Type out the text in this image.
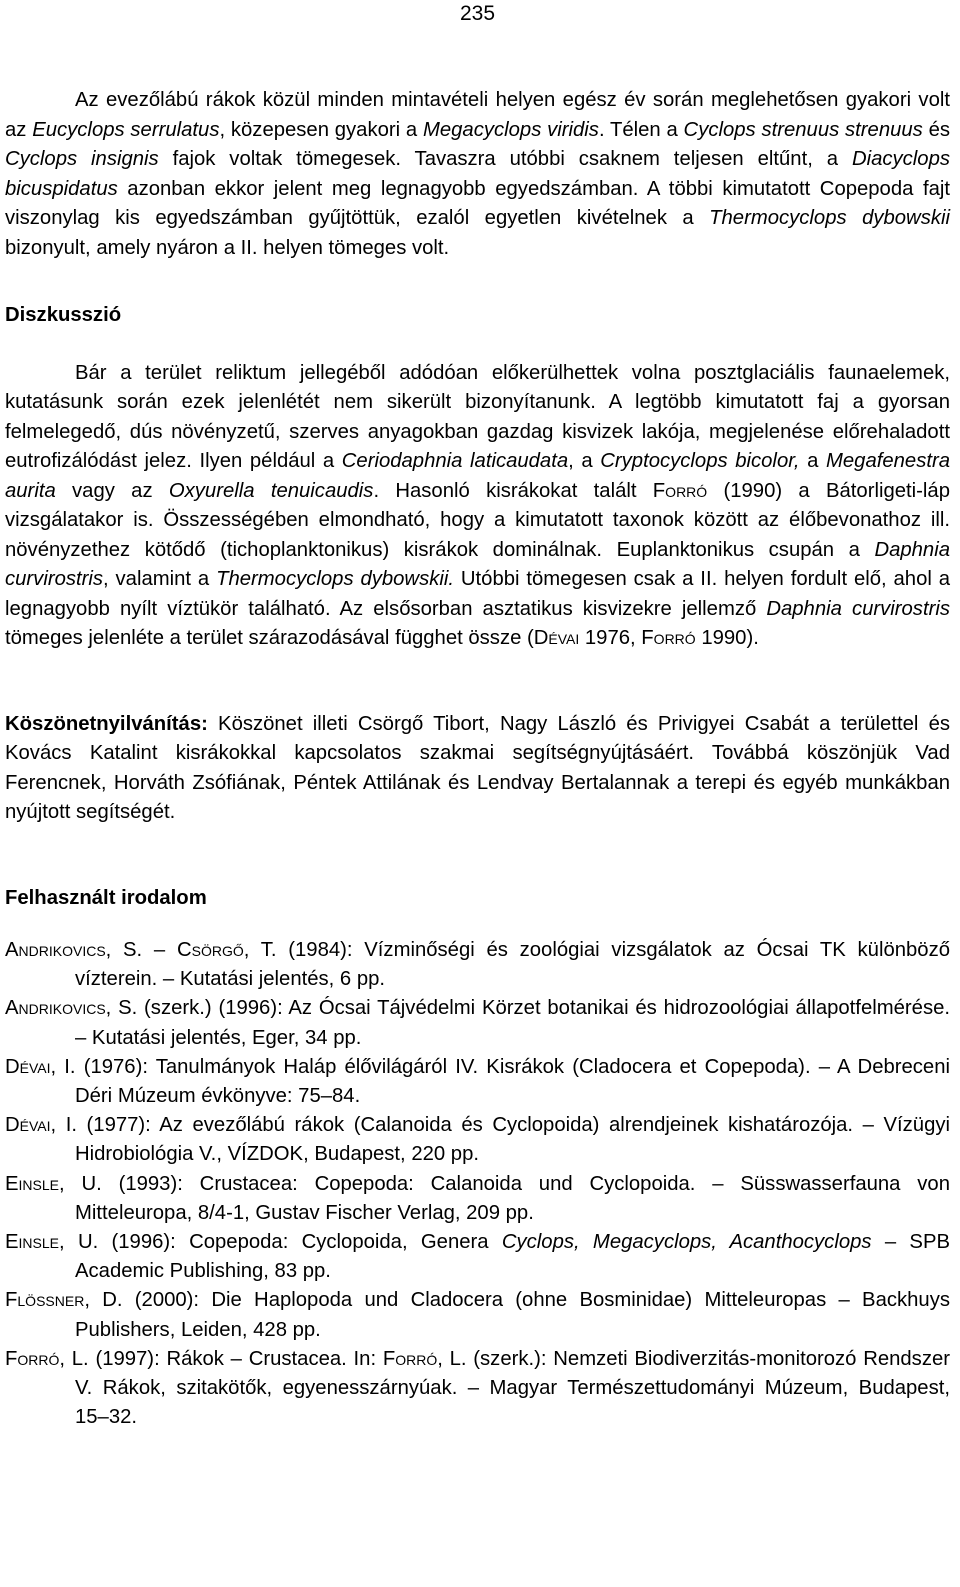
235

Az evezőlábú rákok közül minden mintavételi helyen egész év során meglehetősen gyakori volt az Eucyclops serrulatus, közepesen gyakori a Megacyclops viridis. Télen a Cyclops strenuus strenuus és Cyclops insignis fajok voltak tömegesek. Tavaszra utóbbi csaknem teljesen eltűnt, a Diacyclops bicuspidatus azonban ekkor jelent meg legnagyobb egyedszámban. A többi kimutatott Copepoda fajt viszonylag kis egyedszámban gyűjtöttük, ezalól egyetlen kivételnek a Thermocyclops dybowskii bizonyult, amely nyáron a II. helyen tömeges volt.

Diszkusszió

Bár a terület reliktum jellegéből adódóan előkerülhettek volna posztglaciális faunaelemek, kutatásunk során ezek jelenlétét nem sikerült bizonyítanunk. A legtöbb kimutatott faj a gyorsan felmelegedő, dús növényzetű, szerves anyagokban gazdag kisvizek lakója, megjelenése előrehaladott eutrofizálódást jelez. Ilyen például a Ceriodaphnia laticaudata, a Cryptocyclops bicolor, a Megafenestra aurita vagy az Oxyurella tenuicaudis. Hasonló kisrákokat talált Forró (1990) a Bátorligeti-láp vizsgálatakor is. Összességében elmondható, hogy a kimutatott taxonok között az élőbevonathoz ill. növényzethez kötődő (tichoplanktonikus) kisrákok dominálnak. Euplanktonikus csupán a Daphnia curvirostris, valamint a Thermocyclops dybowskii. Utóbbi tömegesen csak a II. helyen fordult elő, ahol a legnagyobb nyílt víztükör található. Az elsősorban asztatikus kisvizekre jellemző Daphnia curvirostris tömeges jelenléte a terület szárazodásával függhet össze (Dévai 1976, Forró 1990).

Köszönetnyilvánítás: Köszönet illeti Csörgő Tibort, Nagy László és Privigyei Csabát a területtel és Kovács Katalint kisrákokkal kapcsolatos szakmai segítségnyújtásáért. Továbbá köszönjük Vad Ferencnek, Horváth Zsófiának, Péntek Attilának és Lendvay Bertalannak a terepi és egyéb munkákban nyújtott segítségét.

Felhasznált irodalom
Andrikovics, S. – Csörgő, T. (1984): Vízminőségi és zoológiai vizsgálatok az Ócsai TK különböző vízterein. – Kutatási jelentés, 6 pp.
Andrikovics, S. (szerk.) (1996): Az Ócsai Tájvédelmi Körzet botanikai és hidrozoológiai állapotfelmérése. – Kutatási jelentés, Eger, 34 pp.
Dévai, I. (1976): Tanulmányok Haláp élővilágáról IV. Kisrákok (Cladocera et Copepoda). – A Debreceni Déri Múzeum évkönyve: 75–84.
Dévai, I. (1977): Az evezőlábú rákok (Calanoida és Cyclopoida) alrendjeinek kishatározója. – Vízügyi Hidrobiológia V., VÍZDOK, Budapest, 220 pp.
Einsle, U. (1993): Crustacea: Copepoda: Calanoida und Cyclopoida. – Süsswasserfauna von Mitteleuropa, 8/4-1, Gustav Fischer Verlag, 209 pp.
Einsle, U. (1996): Copepoda: Cyclopoida, Genera Cyclops, Megacyclops, Acanthocyclops – SPB Academic Publishing, 83 pp.
Flössner, D. (2000): Die Haplopoda und Cladocera (ohne Bosminidae) Mitteleuropas – Backhuys Publishers, Leiden, 428 pp.
Forró, L. (1997): Rákok – Crustacea. In: Forró, L. (szerk.): Nemzeti Biodiverzitás-monitorozó Rendszer V. Rákok, szitakötők, egyenesszárnyúak. – Magyar Természettudományi Múzeum, Budapest, 15–32.
